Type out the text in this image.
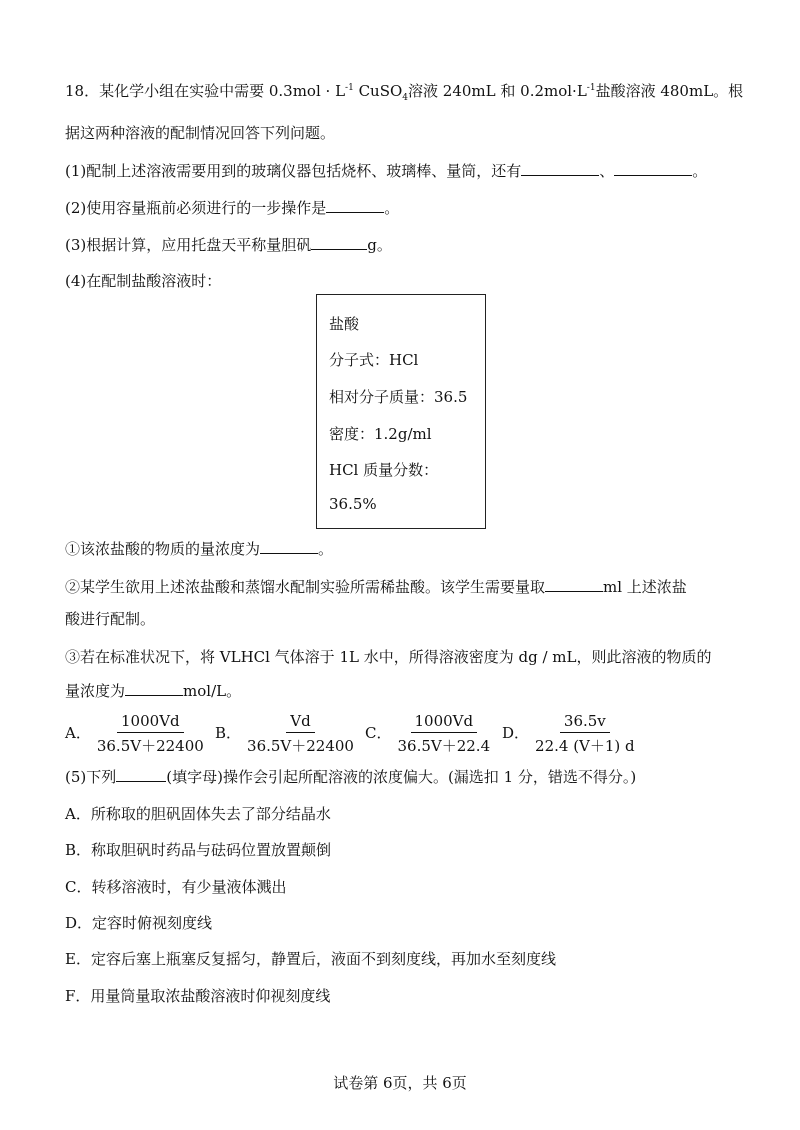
18．某化学小组在实验中需要 $0.3mol \cdot L^{-1}$ CuSO$_4$溶液 240mL 和 $0.2mol\cdot L^{-1}$盐酸溶液 480mL。根
据这两种溶液的配制情况回答下列问题。
(1)配制上述溶液需要用到的玻璃仪器包括烧杯、玻璃棒、量筒，还有	、	。
(2)使用容量瓶前必须进行的一步操作是	。
(3)根据计算，应用托盘天平称量胆矾	g。
(4)在配制盐酸溶液时：
盐酸
分子式：HCl
相对分子质量：36.5
密度：1.2g/ml
HCl 质量分数：
36.5%
①该浓盐酸的物质的量浓度为	。
②某学生欲用上述浓盐酸和蒸馏水配制实验所需稀盐酸。该学生需要量取	ml 上述浓盐
酸进行配制。
③若在标准状况下，将 VLHCl 气体溶于 1L 水中，所得溶液密度为 dg / mL，则此溶液的物质的
量浓度为	mol/L。
A． $\frac{1000Vd}{36.5V+22400}$ B． $\frac{Vd}{36.5V+22400}$ C． $\frac{1000Vd}{36.5V+22.4}$ D． $\frac{36.5v}{22.4 (V+1) d}$
(5)下列	(填字母)操作会引起所配溶液的浓度偏大。(漏选扣 1 分，错选不得分。)
A．所称取的胆矾固体失去了部分结晶水
B．称取胆矾时药品与砝码位置放置颠倒
C．转移溶液时，有少量液体溅出
D．定容时俯视刻度线
E．定容后塞上瓶塞反复摇匀，静置后，液面不到刻度线，再加水至刻度线
F．用量筒量取浓盐酸溶液时仰视刻度线
试卷第 6页，共 6页
